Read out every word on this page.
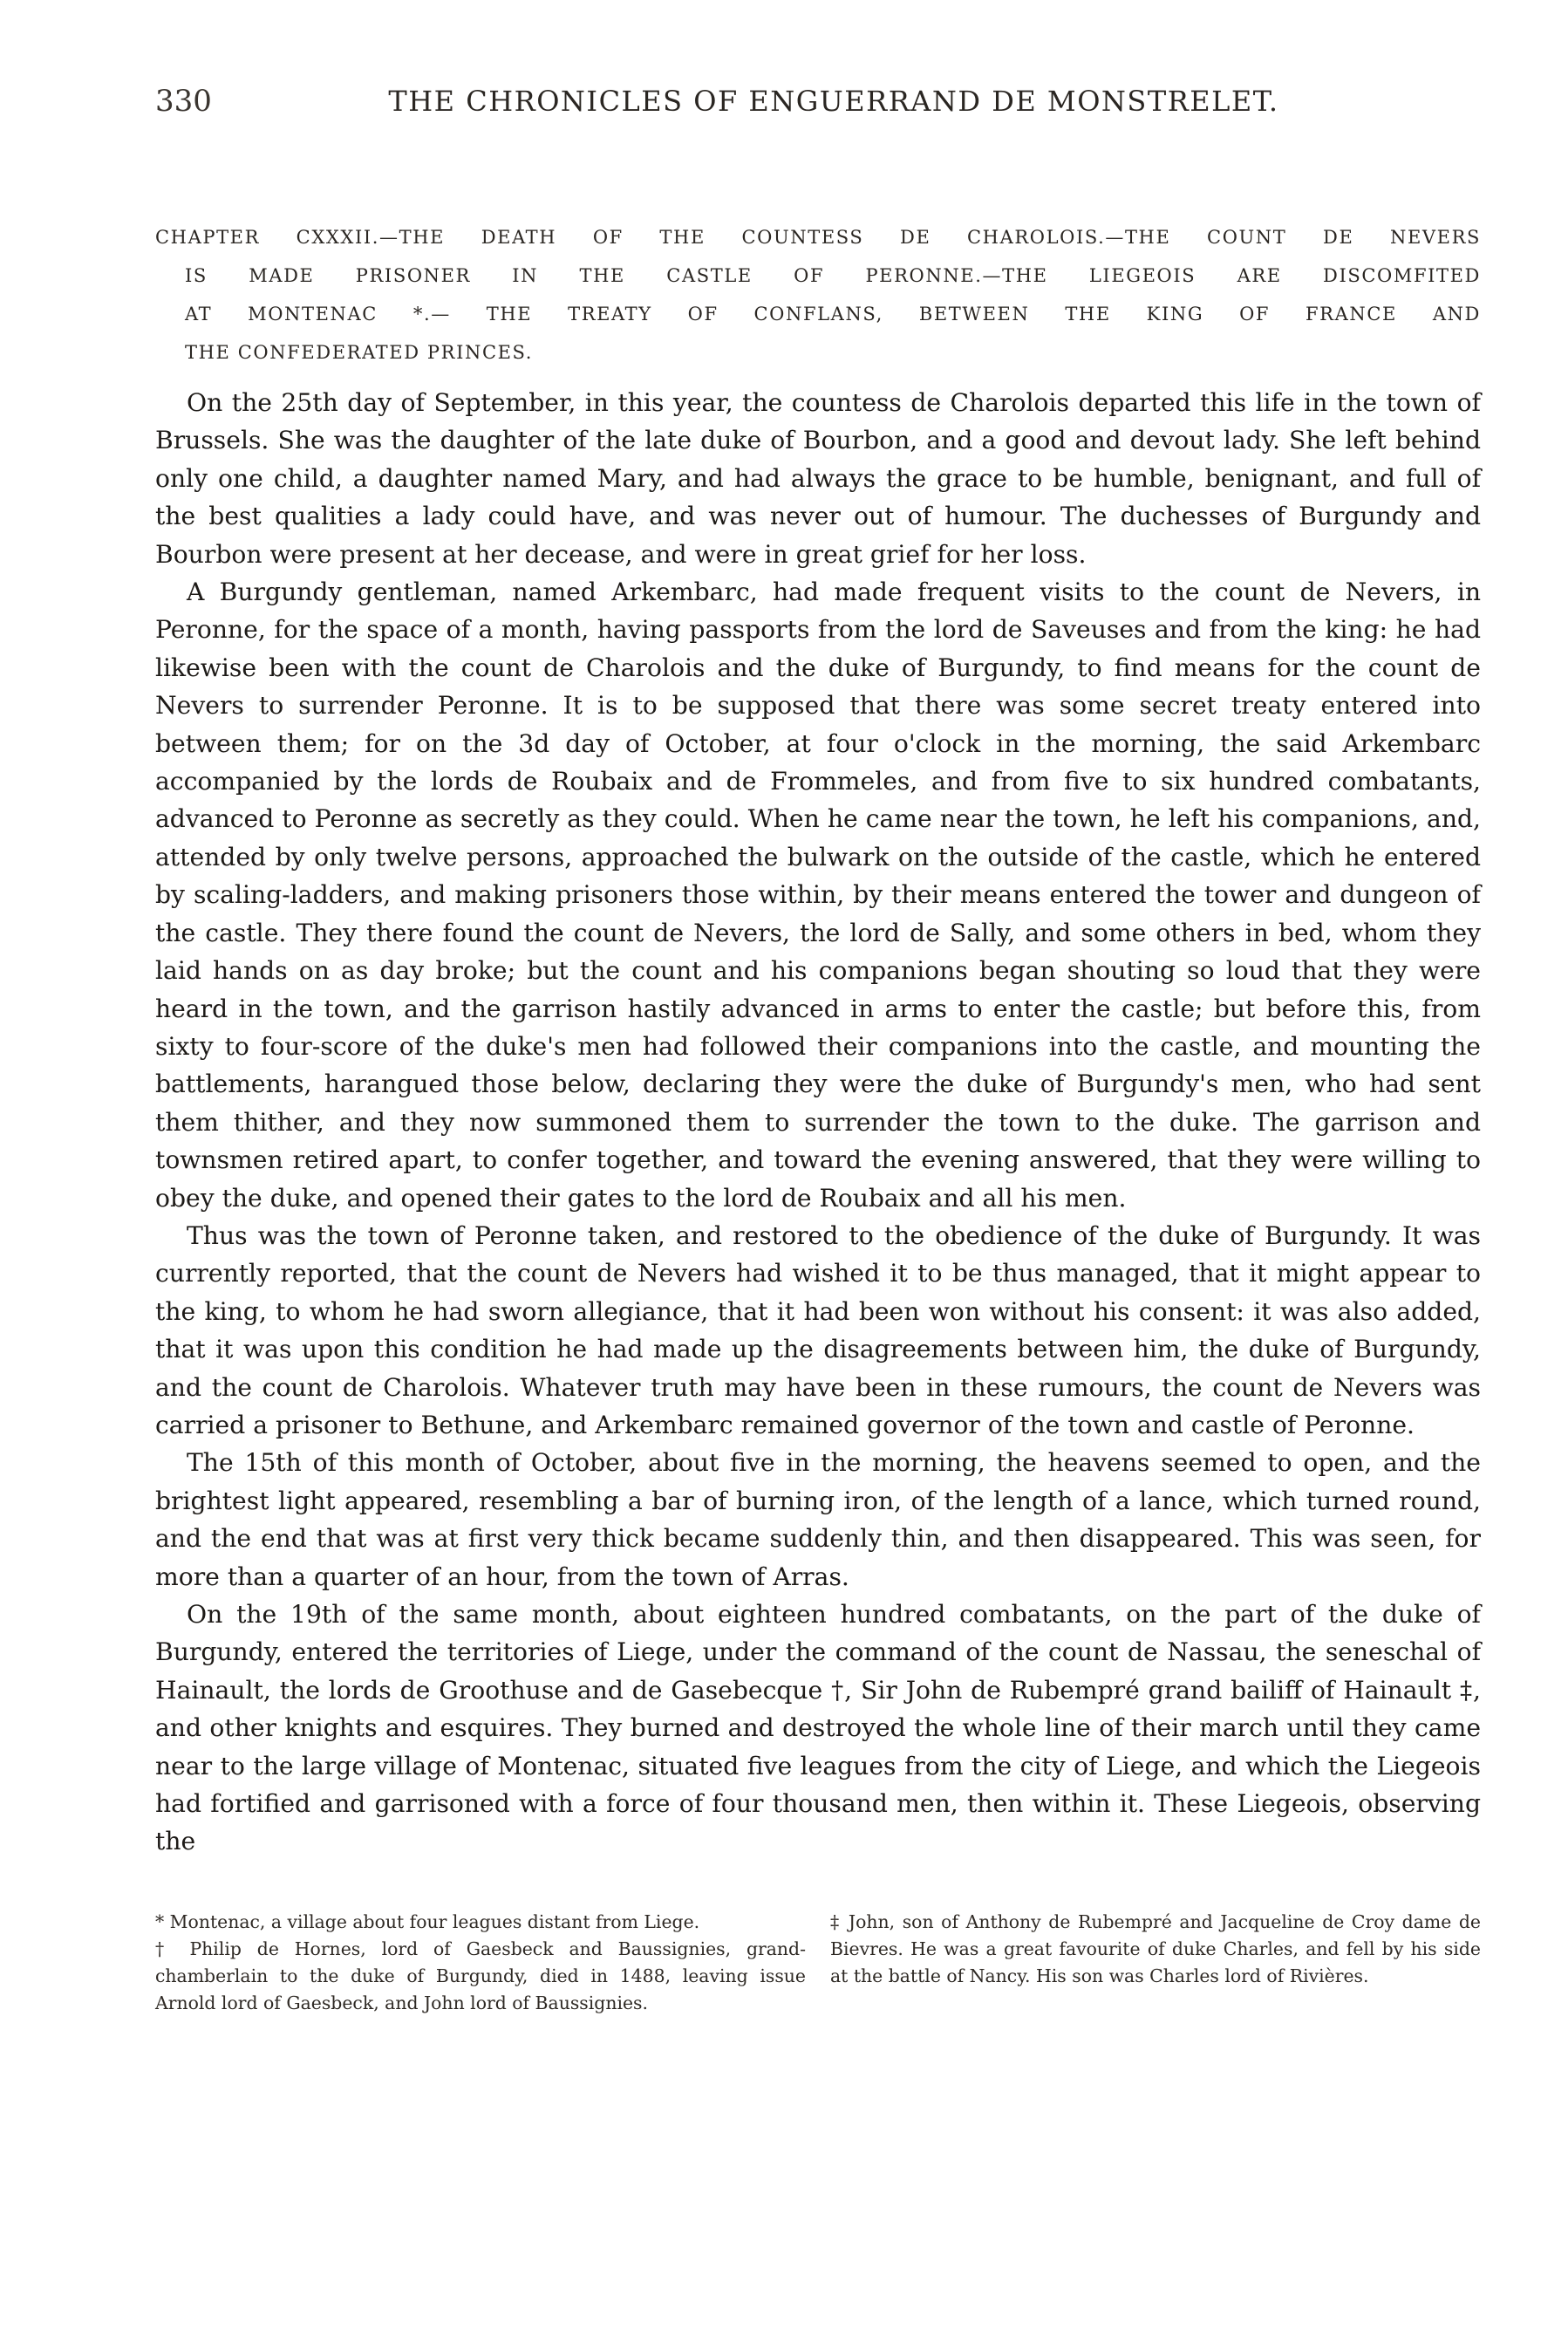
330	THE CHRONICLES OF ENGUERRAND DE MONSTRELET.
CHAPTER CXXXII.—THE DEATH OF THE COUNTESS DE CHAROLOIS.—THE COUNT DE NEVERS
IS MADE PRISONER IN THE CASTLE OF PERONNE.—THE LIEGEOIS ARE DISCOMFITED
AT MONTENAC *.— THE TREATY OF CONFLANS, BETWEEN THE KING OF FRANCE AND
THE CONFEDERATED PRINCES.

On the 25th day of September, in this year, the countess de Charolois departed this life in the town of Brussels. She was the daughter of the late duke of Bourbon, and a good and devout lady. She left behind only one child, a daughter named Mary, and had always the grace to be humble, benignant, and full of the best qualities a lady could have, and was never out of humour. The duchesses of Burgundy and Bourbon were present at her decease, and were in great grief for her loss.

A Burgundy gentleman, named Arkembarc, had made frequent visits to the count de Nevers, in Peronne, for the space of a month, having passports from the lord de Saveuses and from the king: he had likewise been with the count de Charolois and the duke of Burgundy, to find means for the count de Nevers to surrender Peronne. It is to be supposed that there was some secret treaty entered into between them; for on the 3d day of October, at four o'clock in the morning, the said Arkembarc accompanied by the lords de Roubaix and de Frommeles, and from five to six hundred combatants, advanced to Peronne as secretly as they could. When he came near the town, he left his companions, and, attended by only twelve persons, approached the bulwark on the outside of the castle, which he entered by scaling-ladders, and making prisoners those within, by their means entered the tower and dungeon of the castle. They there found the count de Nevers, the lord de Sally, and some others in bed, whom they laid hands on as day broke; but the count and his companions began shouting so loud that they were heard in the town, and the garrison hastily advanced in arms to enter the castle; but before this, from sixty to four-score of the duke's men had followed their companions into the castle, and mounting the battlements, harangued those below, declaring they were the duke of Burgundy's men, who had sent them thither, and they now summoned them to surrender the town to the duke. The garrison and townsmen retired apart, to confer together, and toward the evening answered, that they were willing to obey the duke, and opened their gates to the lord de Roubaix and all his men.

Thus was the town of Peronne taken, and restored to the obedience of the duke of Burgundy. It was currently reported, that the count de Nevers had wished it to be thus managed, that it might appear to the king, to whom he had sworn allegiance, that it had been won without his consent: it was also added, that it was upon this condition he had made up the disagreements between him, the duke of Burgundy, and the count de Charolois. Whatever truth may have been in these rumours, the count de Nevers was carried a prisoner to Bethune, and Arkembarc remained governor of the town and castle of Peronne.

The 15th of this month of October, about five in the morning, the heavens seemed to open, and the brightest light appeared, resembling a bar of burning iron, of the length of a lance, which turned round, and the end that was at first very thick became suddenly thin, and then disappeared. This was seen, for more than a quarter of an hour, from the town of Arras.

On the 19th of the same month, about eighteen hundred combatants, on the part of the duke of Burgundy, entered the territories of Liege, under the command of the count de Nassau, the seneschal of Hainault, the lords de Groothuse and de Gasebecque †, Sir John de Rubempré grand bailiff of Hainault ‡, and other knights and esquires. They burned and destroyed the whole line of their march until they came near to the large village of Montenac, situated five leagues from the city of Liege, and which the Liegeois had fortified and garrisoned with a force of four thousand men, then within it. These Liegeois, observing the

* Montenac, a village about four leagues distant from Liege.

† Philip de Hornes, lord of Gaesbeck and Baussignies, grand-chamberlain to the duke of Burgundy, died in 1488, leaving issue Arnold lord of Gaesbeck, and John lord of Baussignies.

‡ John, son of Anthony de Rubempré and Jacqueline de Croy dame de Bievres. He was a great favourite of duke Charles, and fell by his side at the battle of Nancy. His son was Charles lord of Rivières.
